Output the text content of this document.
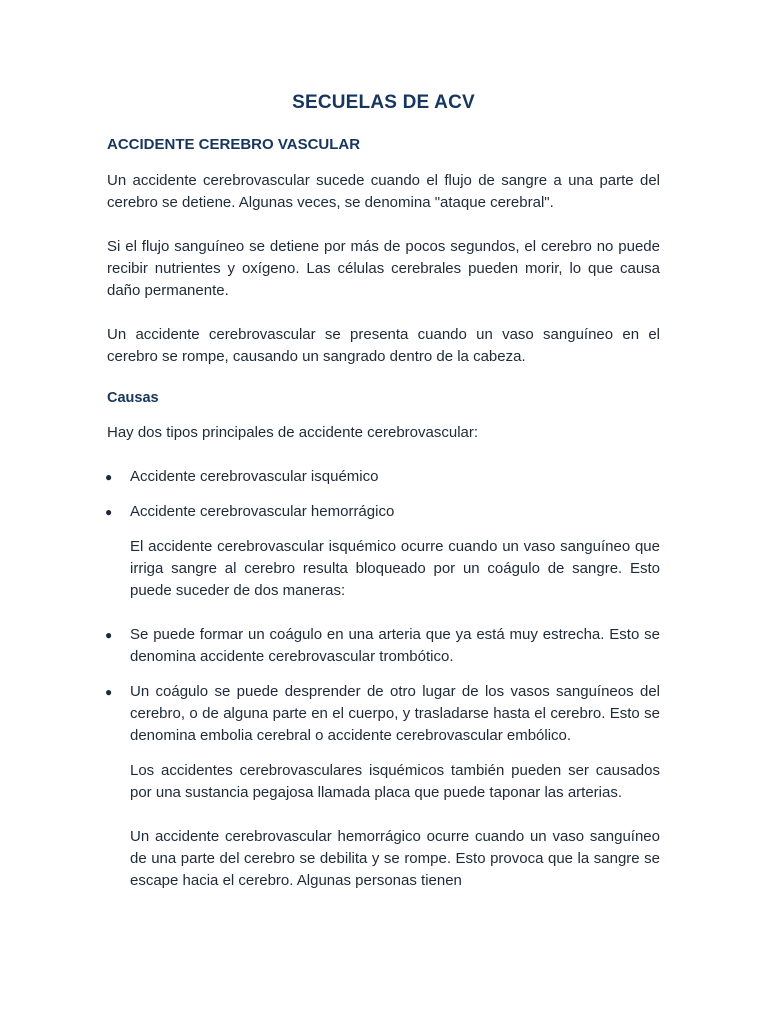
SECUELAS DE ACV
ACCIDENTE CEREBRO VASCULAR

Un accidente cerebrovascular sucede cuando el flujo de sangre a una parte del cerebro se detiene. Algunas veces, se denomina "ataque cerebral".

Si el flujo sanguíneo se detiene por más de pocos segundos, el cerebro no puede recibir nutrientes y oxígeno. Las células cerebrales pueden morir, lo que causa daño permanente.

Un accidente cerebrovascular se presenta cuando un vaso sanguíneo en el cerebro se rompe, causando un sangrado dentro de la cabeza.

Causas

Hay dos tipos principales de accidente cerebrovascular:

● Accidente cerebrovascular isquémico
● Accidente cerebrovascular hemorrágico

El accidente cerebrovascular isquémico ocurre cuando un vaso sanguíneo que irriga sangre al cerebro resulta bloqueado por un coágulo de sangre. Esto puede suceder de dos maneras:

● Se puede formar un coágulo en una arteria que ya está muy estrecha. Esto se denomina accidente cerebrovascular trombótico.
● Un coágulo se puede desprender de otro lugar de los vasos sanguíneos del cerebro, o de alguna parte en el cuerpo, y trasladarse hasta el cerebro. Esto se denomina embolia cerebral o accidente cerebrovascular embólico.

Los accidentes cerebrovasculares isquémicos también pueden ser causados por una sustancia pegajosa llamada placa que puede taponar las arterias.

Un accidente cerebrovascular hemorrágico ocurre cuando un vaso sanguíneo de una parte del cerebro se debilita y se rompe. Esto provoca que la sangre se escape hacia el cerebro. Algunas personas tienen
